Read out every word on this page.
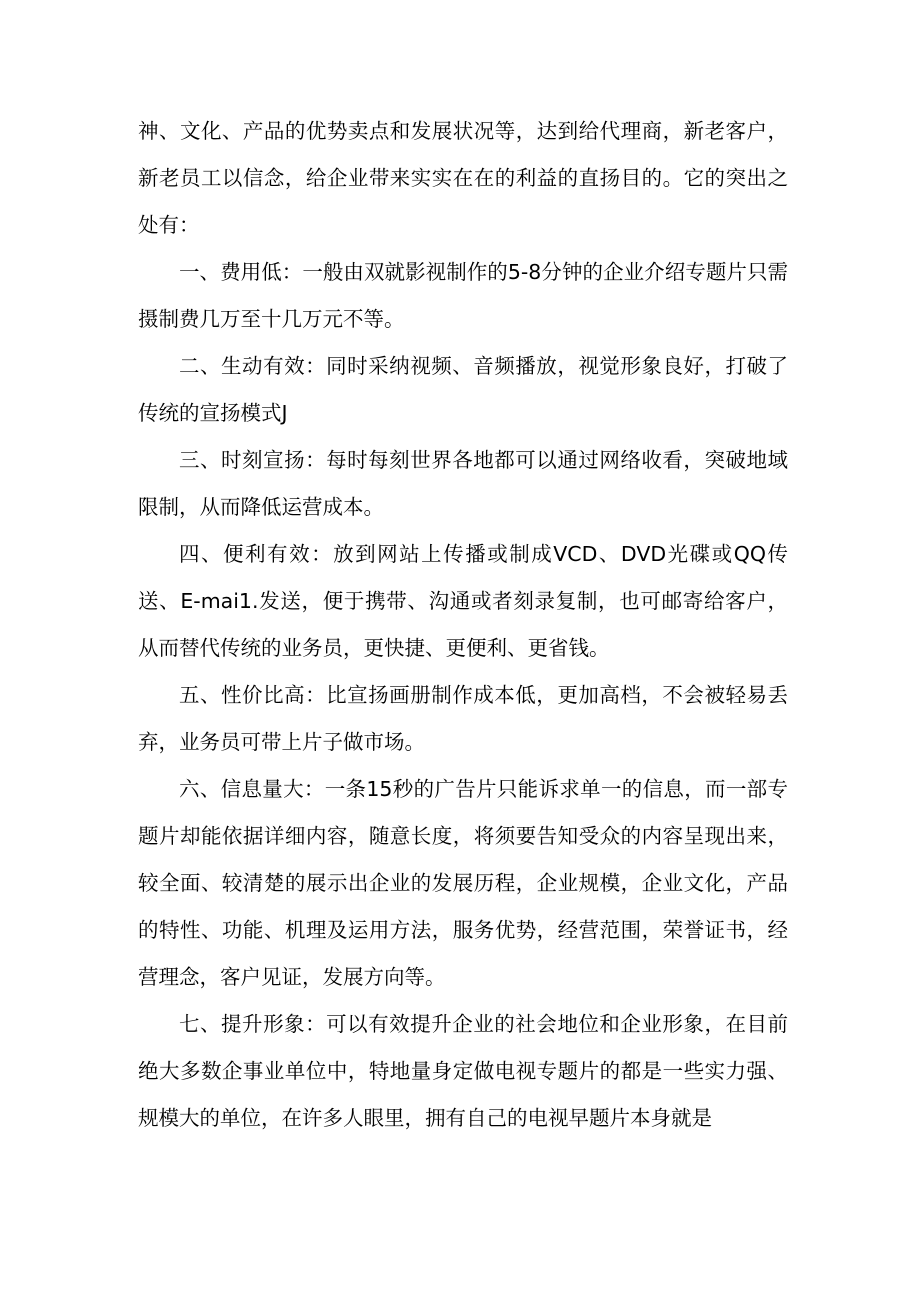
神、文化、产品的优势卖点和发展状况等，达到给代理商，新老客户，新老员工以信念，给企业带来实实在在的利益的直扬目的。它的突出之处有：

一、费用低：一般由双就影视制作的5-8分钟的企业介绍专题片只需摄制费几万至十几万元不等。

二、生动有效：同时采纳视频、音频播放，视觉形象良好，打破了传统的宣扬模式J

三、时刻宣扬：每时每刻世界各地都可以通过网络收看，突破地域限制，从而降低运营成本。

四、便利有效：放到网站上传播或制成VCD、DVD光碟或QQ传送、E-mai1.发送，便于携带、沟通或者刻录复制，也可邮寄给客户，从而替代传统的业务员，更快捷、更便利、更省钱。

五、性价比高：比宣扬画册制作成本低，更加高档，不会被轻易丢弃，业务员可带上片子做市场。

六、信息量大：一条15秒的广告片只能诉求单一的信息，而一部专题片却能依据详细内容，随意长度，将须要告知受众的内容呈现出来，较全面、较清楚的展示出企业的发展历程，企业规模，企业文化，产品的特性、功能、机理及运用方法，服务优势，经营范围，荣誉证书，经营理念，客户见证，发展方向等。

七、提升形象：可以有效提升企业的社会地位和企业形象，在目前绝大多数企事业单位中，特地量身定做电视专题片的都是一些实力强、规模大的单位，在许多人眼里，拥有自己的电视早题片本身就是
